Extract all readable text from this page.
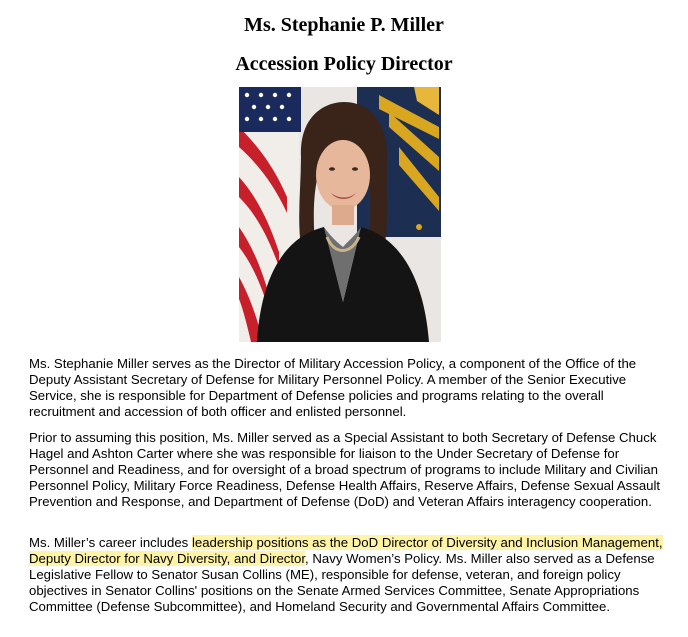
Ms. Stephanie P. Miller
Accession Policy Director

Ms. Stephanie Miller serves as the Director of Military Accession Policy, a component of the Office of the Deputy Assistant Secretary of Defense for Military Personnel Policy. A member of the Senior Executive Service, she is responsible for Department of Defense policies and programs relating to the overall recruitment and accession of both officer and enlisted personnel.

Prior to assuming this position, Ms. Miller served as a Special Assistant to both Secretary of Defense Chuck Hagel and Ashton Carter where she was responsible for liaison to the Under Secretary of Defense for Personnel and Readiness, and for oversight of a broad spectrum of programs to include Military and Civilian Personnel Policy, Military Force Readiness, Defense Health Affairs, Reserve Affairs, Defense Sexual Assault Prevention and Response, and Department of Defense (DoD) and Veteran Affairs interagency cooperation.

Ms. Miller’s career includes leadership positions as the DoD Director of Diversity and Inclusion Management, Deputy Director for Navy Diversity, and Director, Navy Women’s Policy. Ms. Miller also served as a Defense Legislative Fellow to Senator Susan Collins (ME), responsible for defense, veteran, and foreign policy objectives in Senator Collins' positions on the Senate Armed Services Committee, Senate Appropriations Committee (Defense Subcommittee), and Homeland Security and Governmental Affairs Committee.
